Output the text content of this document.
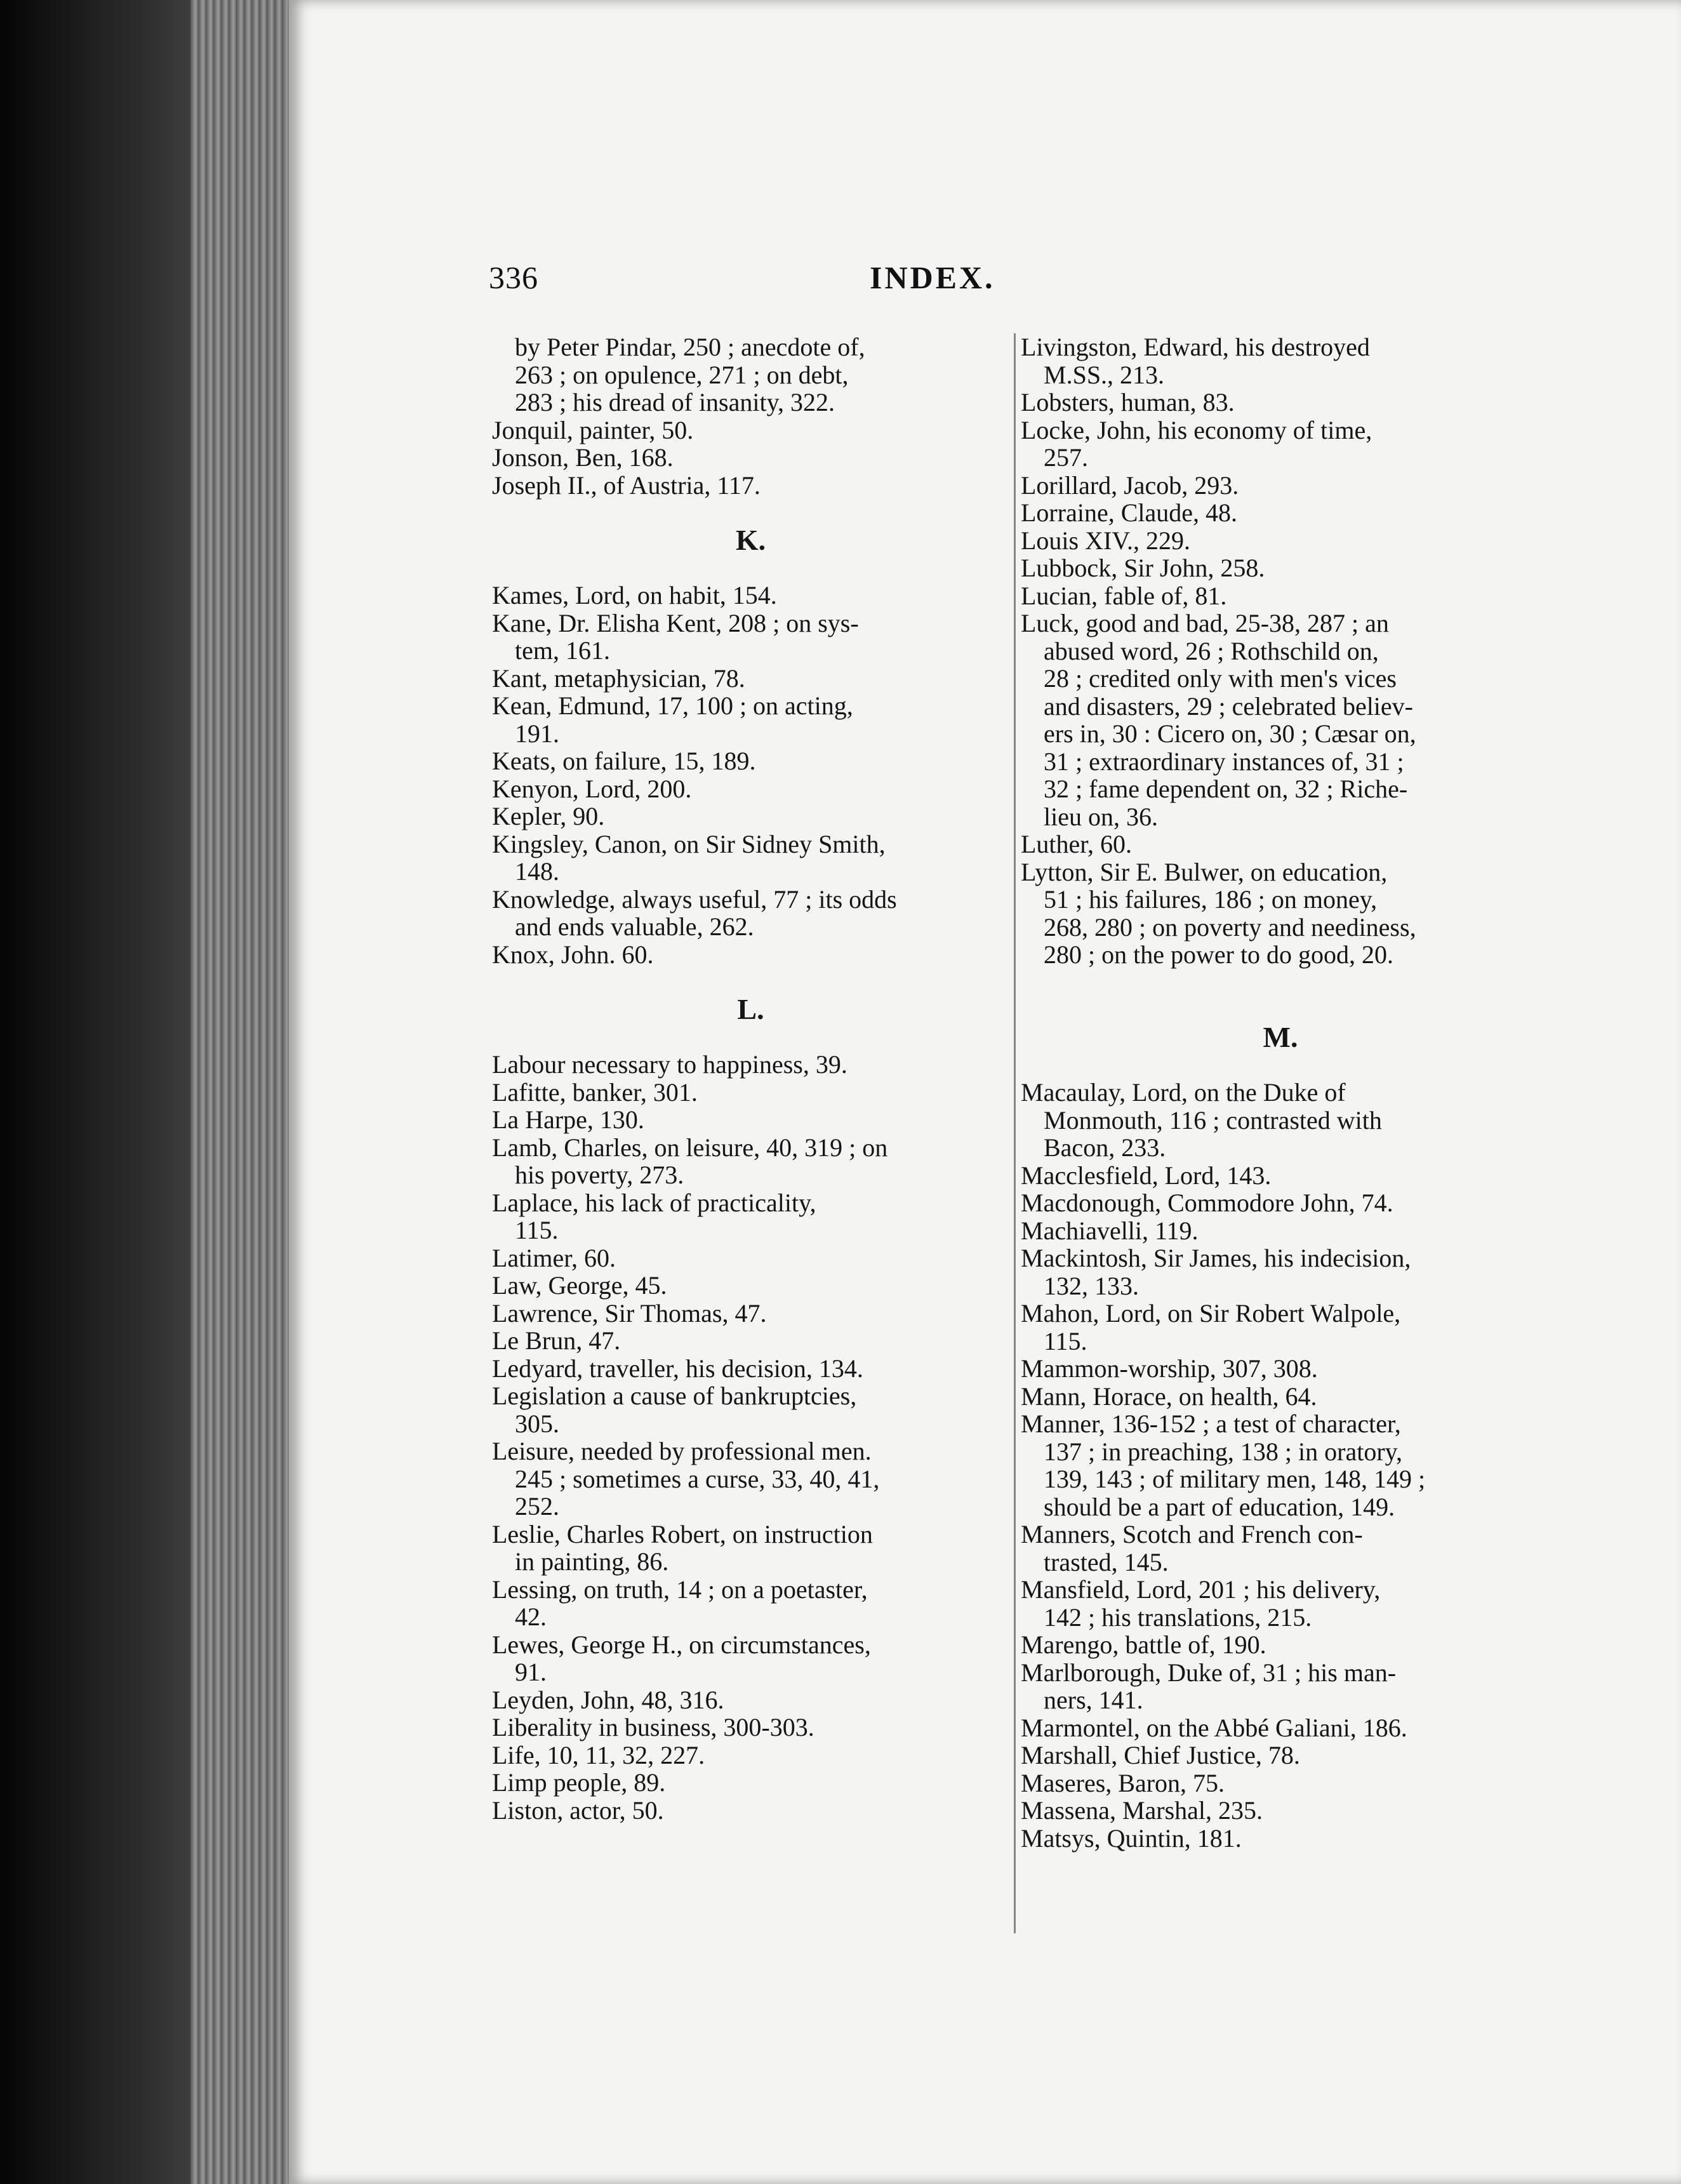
336	INDEX.
by Peter Pindar, 250 ; anecdote of,
263 ; on opulence, 271 ; on debt,
283 ; his dread of insanity, 322.
Jonquil, painter, 50.
Jonson, Ben, 168.
Joseph II., of Austria, 117.
K.
Kames, Lord, on habit, 154.
Kane, Dr. Elisha Kent, 208 ; on sys-
tem, 161.
Kant, metaphysician, 78.
Kean, Edmund, 17, 100 ; on acting,
191.
Keats, on failure, 15, 189.
Kenyon, Lord, 200.
Kepler, 90.
Kingsley, Canon, on Sir Sidney Smith,
148.
Knowledge, always useful, 77 ; its odds
and ends valuable, 262.
Knox, John. 60.
L.
Labour necessary to happiness, 39.
Lafitte, banker, 301.
La Harpe, 130.
Lamb, Charles, on leisure, 40, 319 ; on
his poverty, 273.
Laplace, his lack of practicality,
115.
Latimer, 60.
Law, George, 45.
Lawrence, Sir Thomas, 47.
Le Brun, 47.
Ledyard, traveller, his decision, 134.
Legislation a cause of bankruptcies,
305.
Leisure, needed by professional men.
245 ; sometimes a curse, 33, 40, 41,
252.
Leslie, Charles Robert, on instruction
in painting, 86.
Lessing, on truth, 14 ; on a poetaster,
42.
Lewes, George H., on circumstances,
91.
Leyden, John, 48, 316.
Liberality in business, 300-303.
Life, 10, 11, 32, 227.
Limp people, 89.
Liston, actor, 50.
Livingston, Edward, his destroyed
M.SS., 213.
Lobsters, human, 83.
Locke, John, his economy of time,
257.
Lorillard, Jacob, 293.
Lorraine, Claude, 48.
Louis XIV., 229.
Lubbock, Sir John, 258.
Lucian, fable of, 81.
Luck, good and bad, 25-38, 287 ; an
abused word, 26 ; Rothschild on,
28 ; credited only with men's vices
and disasters, 29 ; celebrated believ-
ers in, 30 : Cicero on, 30 ; Cæsar on,
31 ; extraordinary instances of, 31 ;
32 ; fame dependent on, 32 ; Riche-
lieu on, 36.
Luther, 60.
Lytton, Sir E. Bulwer, on education,
51 ; his failures, 186 ; on money,
268, 280 ; on poverty and neediness,
280 ; on the power to do good, 20.
M.
Macaulay, Lord, on the Duke of
Monmouth, 116 ; contrasted with
Bacon, 233.
Macclesfield, Lord, 143.
Macdonough, Commodore John, 74.
Machiavelli, 119.
Mackintosh, Sir James, his indecision,
132, 133.
Mahon, Lord, on Sir Robert Walpole,
115.
Mammon-worship, 307, 308.
Mann, Horace, on health, 64.
Manner, 136-152 ; a test of character,
137 ; in preaching, 138 ; in oratory,
139, 143 ; of military men, 148, 149 ;
should be a part of education, 149.
Manners, Scotch and French con-
trasted, 145.
Mansfield, Lord, 201 ; his delivery,
142 ; his translations, 215.
Marengo, battle of, 190.
Marlborough, Duke of, 31 ; his man-
ners, 141.
Marmontel, on the Abbé Galiani, 186.
Marshall, Chief Justice, 78.
Maseres, Baron, 75.
Massena, Marshal, 235.
Matsys, Quintin, 181.
